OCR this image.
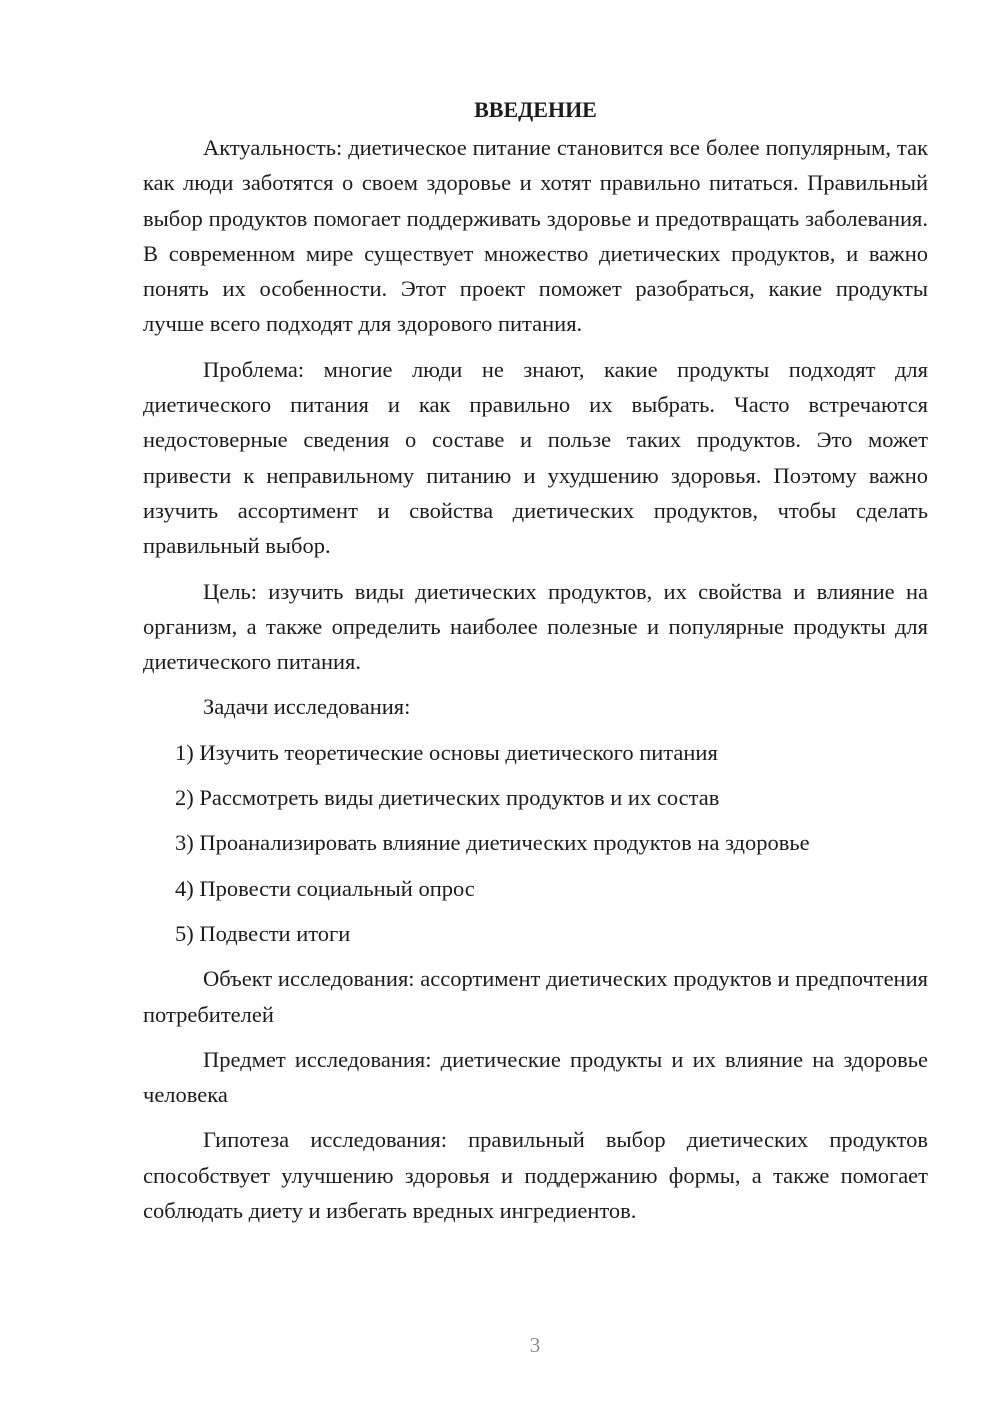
ВВЕДЕНИЕ

Актуальность: диетическое питание становится все более популярным, так как люди заботятся о своем здоровье и хотят правильно питаться. Правильный выбор продуктов помогает поддерживать здоровье и предотвращать заболевания. В современном мире существует множество диетических продуктов, и важно понять их особенности. Этот проект поможет разобраться, какие продукты лучше всего подходят для здорового питания.

Проблема: многие люди не знают, какие продукты подходят для диетического питания и как правильно их выбрать. Часто встречаются недостоверные сведения о составе и пользе таких продуктов. Это может привести к неправильному питанию и ухудшению здоровья. Поэтому важно изучить ассортимент и свойства диетических продуктов, чтобы сделать правильный выбор.

Цель: изучить виды диетических продуктов, их свойства и влияние на организм, а также определить наиболее полезные и популярные продукты для диетического питания.

Задачи исследования:

1) Изучить теоретические основы диетического питания

2) Рассмотреть виды диетических продуктов и их состав

3) Проанализировать влияние диетических продуктов на здоровье

4) Провести социальный опрос

5) Подвести итоги

Объект исследования: ассортимент диетических продуктов и предпочтения потребителей

Предмет исследования: диетические продукты и их влияние на здоровье человека

Гипотеза исследования: правильный выбор диетических продуктов способствует улучшению здоровья и поддержанию формы, а также помогает соблюдать диету и избегать вредных ингредиентов.

3
